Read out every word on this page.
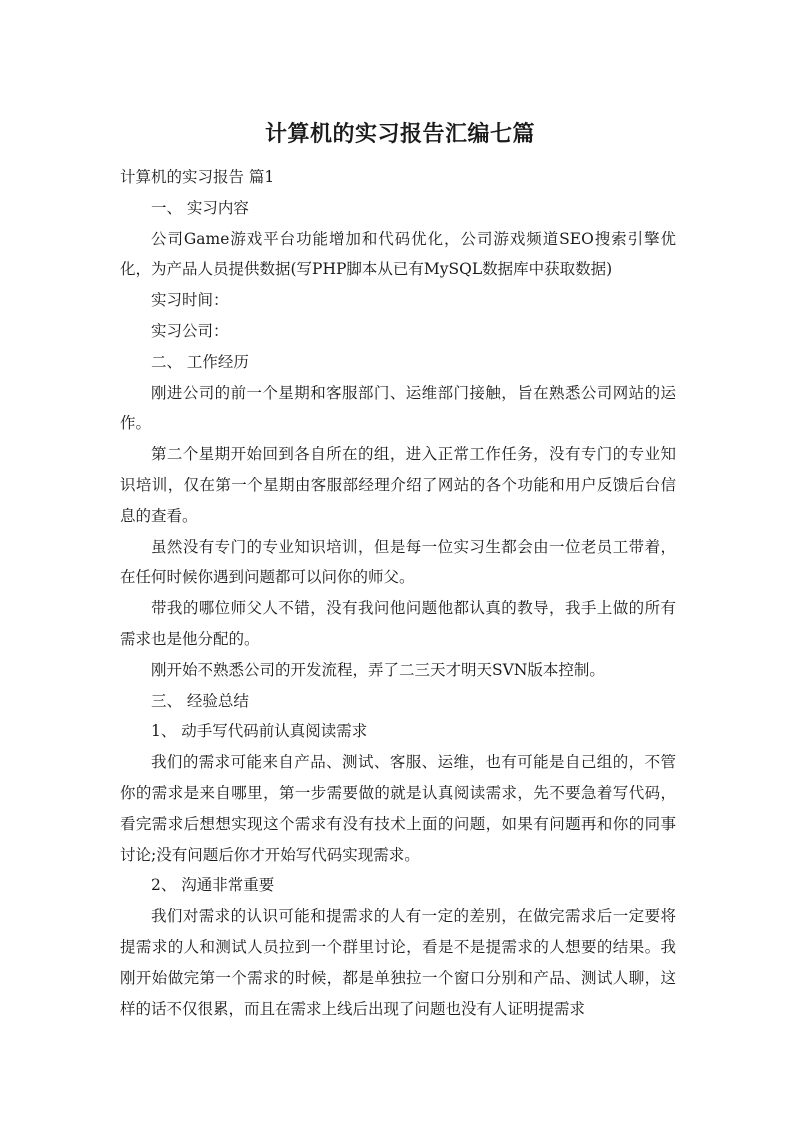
计算机的实习报告汇编七篇
计算机的实习报告 篇1
一、 实习内容
公司Game游戏平台功能增加和代码优化，公司游戏频道SEO搜索引擎优化，为产品人员提供数据(写PHP脚本从已有MySQL数据库中获取数据)
实习时间：
实习公司：
二、 工作经历
刚进公司的前一个星期和客服部门、运维部门接触，旨在熟悉公司网站的运作。
第二个星期开始回到各自所在的组，进入正常工作任务，没有专门的专业知识培训，仅在第一个星期由客服部经理介绍了网站的各个功能和用户反馈后台信息的查看。
虽然没有专门的专业知识培训，但是每一位实习生都会由一位老员工带着，在任何时候你遇到问题都可以问你的师父。
带我的哪位师父人不错，没有我问他问题他都认真的教导，我手上做的所有需求也是他分配的。
刚开始不熟悉公司的开发流程，弄了二三天才明天SVN版本控制。
三、 经验总结
1、 动手写代码前认真阅读需求
我们的需求可能来自产品、测试、客服、运维，也有可能是自己组的，不管你的需求是来自哪里，第一步需要做的就是认真阅读需求，先不要急着写代码，看完需求后想想实现这个需求有没有技术上面的问题，如果有问题再和你的同事讨论;没有问题后你才开始写代码实现需求。
2、 沟通非常重要
我们对需求的认识可能和提需求的人有一定的差别，在做完需求后一定要将提需求的人和测试人员拉到一个群里讨论，看是不是提需求的人想要的结果。我刚开始做完第一个需求的时候，都是单独拉一个窗口分别和产品、测试人聊，这样的话不仅很累，而且在需求上线后出现了问题也没有人证明提需求
